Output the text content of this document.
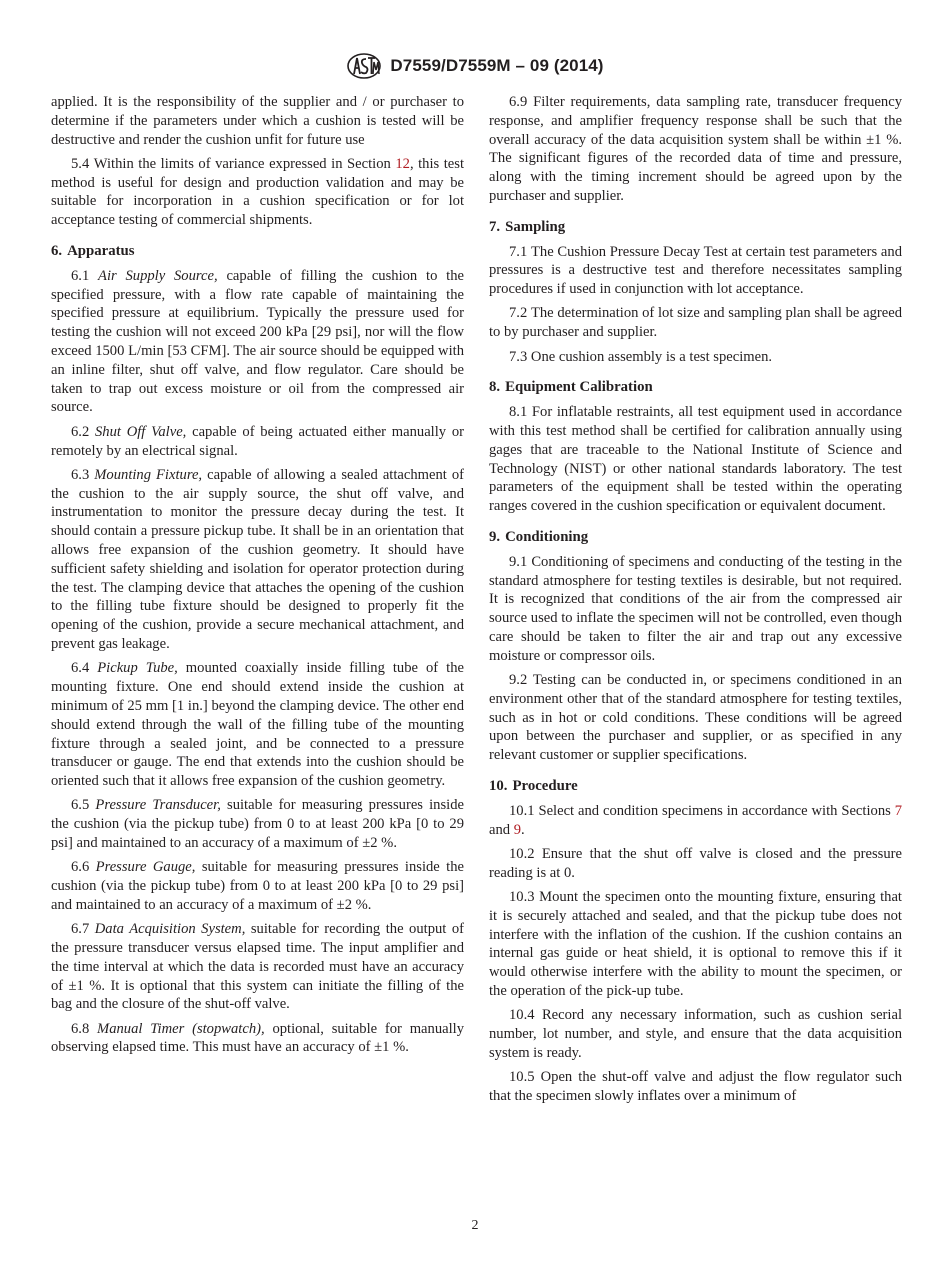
D7559/D7559M – 09 (2014)

applied. It is the responsibility of the supplier and / or purchaser to determine if the parameters under which a cushion is tested will be destructive and render the cushion unfit for future use

5.4 Within the limits of variance expressed in Section 12, this test method is useful for design and production validation and may be suitable for incorporation in a cushion specification or for lot acceptance testing of commercial shipments.

6. Apparatus

6.1 Air Supply Source, capable of filling the cushion to the specified pressure, with a flow rate capable of maintaining the specified pressure at equilibrium. Typically the pressure used for testing the cushion will not exceed 200 kPa [29 psi], nor will the flow exceed 1500 L/min [53 CFM]. The air source should be equipped with an inline filter, shut off valve, and flow regulator. Care should be taken to trap out excess moisture or oil from the compressed air source.

6.2 Shut Off Valve, capable of being actuated either manually or remotely by an electrical signal.

6.3 Mounting Fixture, capable of allowing a sealed attachment of the cushion to the air supply source, the shut off valve, and instrumentation to monitor the pressure decay during the test. It should contain a pressure pickup tube. It shall be in an orientation that allows free expansion of the cushion geometry. It should have sufficient safety shielding and isolation for operator protection during the test. The clamping device that attaches the opening of the cushion to the filling tube fixture should be designed to properly fit the opening of the cushion, provide a secure mechanical attachment, and prevent gas leakage.

6.4 Pickup Tube, mounted coaxially inside filling tube of the mounting fixture. One end should extend inside the cushion at minimum of 25 mm [1 in.] beyond the clamping device. The other end should extend through the wall of the filling tube of the mounting fixture through a sealed joint, and be connected to a pressure transducer or gauge. The end that extends into the cushion should be oriented such that it allows free expansion of the cushion geometry.

6.5 Pressure Transducer, suitable for measuring pressures inside the cushion (via the pickup tube) from 0 to at least 200 kPa [0 to 29 psi] and maintained to an accuracy of a maximum of ±2 %.

6.6 Pressure Gauge, suitable for measuring pressures inside the cushion (via the pickup tube) from 0 to at least 200 kPa [0 to 29 psi] and maintained to an accuracy of a maximum of ±2 %.

6.7 Data Acquisition System, suitable for recording the output of the pressure transducer versus elapsed time. The input amplifier and the time interval at which the data is recorded must have an accuracy of ±1 %. It is optional that this system can initiate the filling of the bag and the closure of the shut-off valve.

6.8 Manual Timer (stopwatch), optional, suitable for manually observing elapsed time. This must have an accuracy of ±1 %.

6.9 Filter requirements, data sampling rate, transducer frequency response, and amplifier frequency response shall be such that the overall accuracy of the data acquisition system shall be within ±1 %. The significant figures of the recorded data of time and pressure, along with the timing increment should be agreed upon by the purchaser and supplier.

7. Sampling

7.1 The Cushion Pressure Decay Test at certain test parameters and pressures is a destructive test and therefore necessitates sampling procedures if used in conjunction with lot acceptance.

7.2 The determination of lot size and sampling plan shall be agreed to by purchaser and supplier.

7.3 One cushion assembly is a test specimen.

8. Equipment Calibration

8.1 For inflatable restraints, all test equipment used in accordance with this test method shall be certified for calibration annually using gages that are traceable to the National Institute of Science and Technology (NIST) or other national standards laboratory. The test parameters of the equipment shall be tested within the operating ranges covered in the cushion specification or equivalent document.

9. Conditioning

9.1 Conditioning of specimens and conducting of the testing in the standard atmosphere for testing textiles is desirable, but not required. It is recognized that conditions of the air from the compressed air source used to inflate the specimen will not be controlled, even though care should be taken to filter the air and trap out any excessive moisture or compressor oils.

9.2 Testing can be conducted in, or specimens conditioned in an environment other that of the standard atmosphere for testing textiles, such as in hot or cold conditions. These conditions will be agreed upon between the purchaser and supplier, or as specified in any relevant customer or supplier specifications.

10. Procedure

10.1 Select and condition specimens in accordance with Sections 7 and 9.

10.2 Ensure that the shut off valve is closed and the pressure reading is at 0.

10.3 Mount the specimen onto the mounting fixture, ensuring that it is securely attached and sealed, and that the pickup tube does not interfere with the inflation of the cushion. If the cushion contains an internal gas guide or heat shield, it is optional to remove this if it would otherwise interfere with the ability to mount the specimen, or the operation of the pick-up tube.

10.4 Record any necessary information, such as cushion serial number, lot number, and style, and ensure that the data acquisition system is ready.

10.5 Open the shut-off valve and adjust the flow regulator such that the specimen slowly inflates over a minimum of

2
